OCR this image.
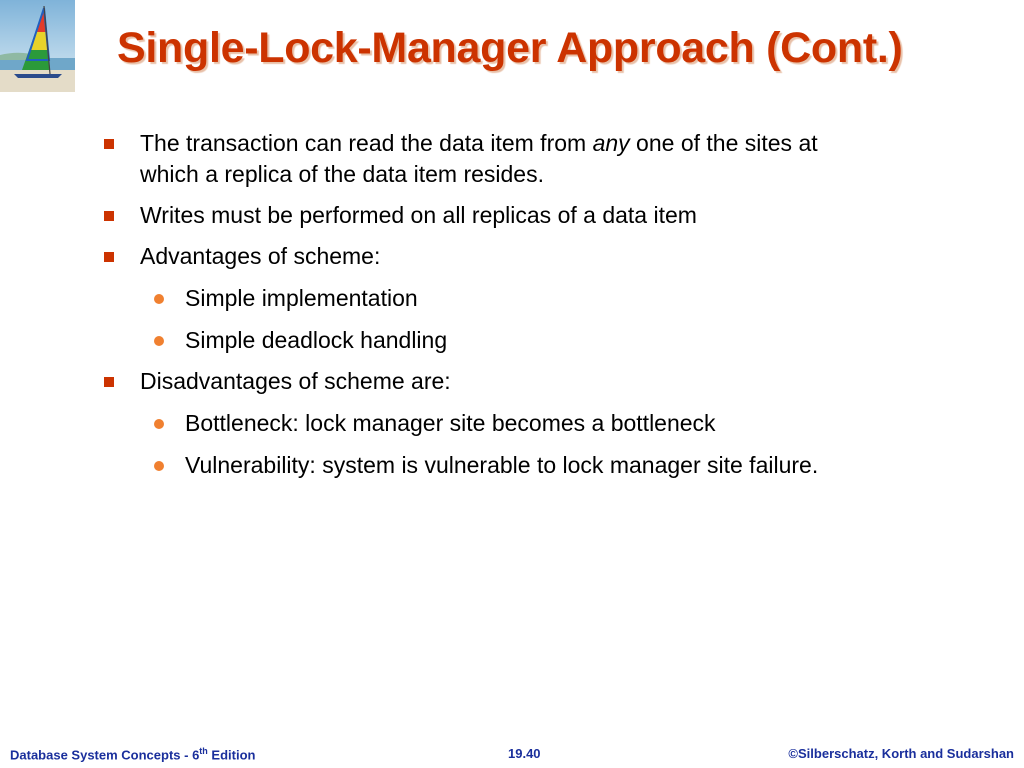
Single-Lock-Manager Approach (Cont.)
The transaction can read the data item from any one of the sites at
which a replica of the data item resides.
Writes must be performed on all replicas of a data item
Advantages of scheme:
Simple implementation
Simple deadlock handling
Disadvantages of scheme are:
Bottleneck: lock manager site becomes a bottleneck
Vulnerability: system is vulnerable to lock manager site failure.
Database System Concepts - 6th Edition	19.40	©Silberschatz, Korth and Sudarshan
